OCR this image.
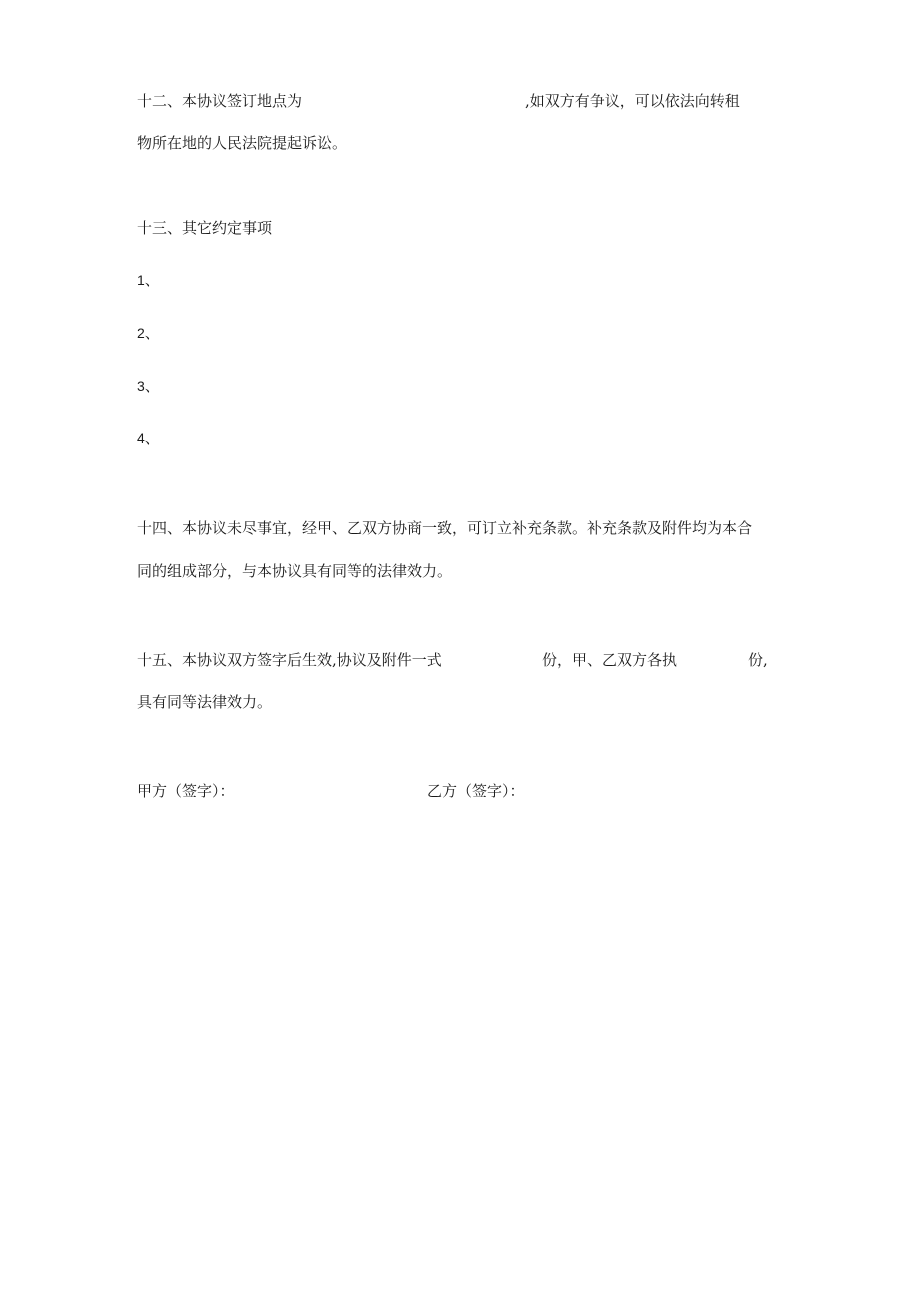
十二、本协议签订地点为	,如双方有争议，可以依法向转租
物所在地的人民法院提起诉讼。
十三、其它约定事项
1、
2、
3、
4、
十四、本协议未尽事宜，经甲、乙双方协商一致，可订立补充条款。补充条款及附件均为本合
同的组成部分，与本协议具有同等的法律效力。
十五、本协议双方签字后生效,协议及附件一式	份，甲、乙双方各执	份,
具有同等法律效力。
甲方（签字）：	乙方（签字）：
